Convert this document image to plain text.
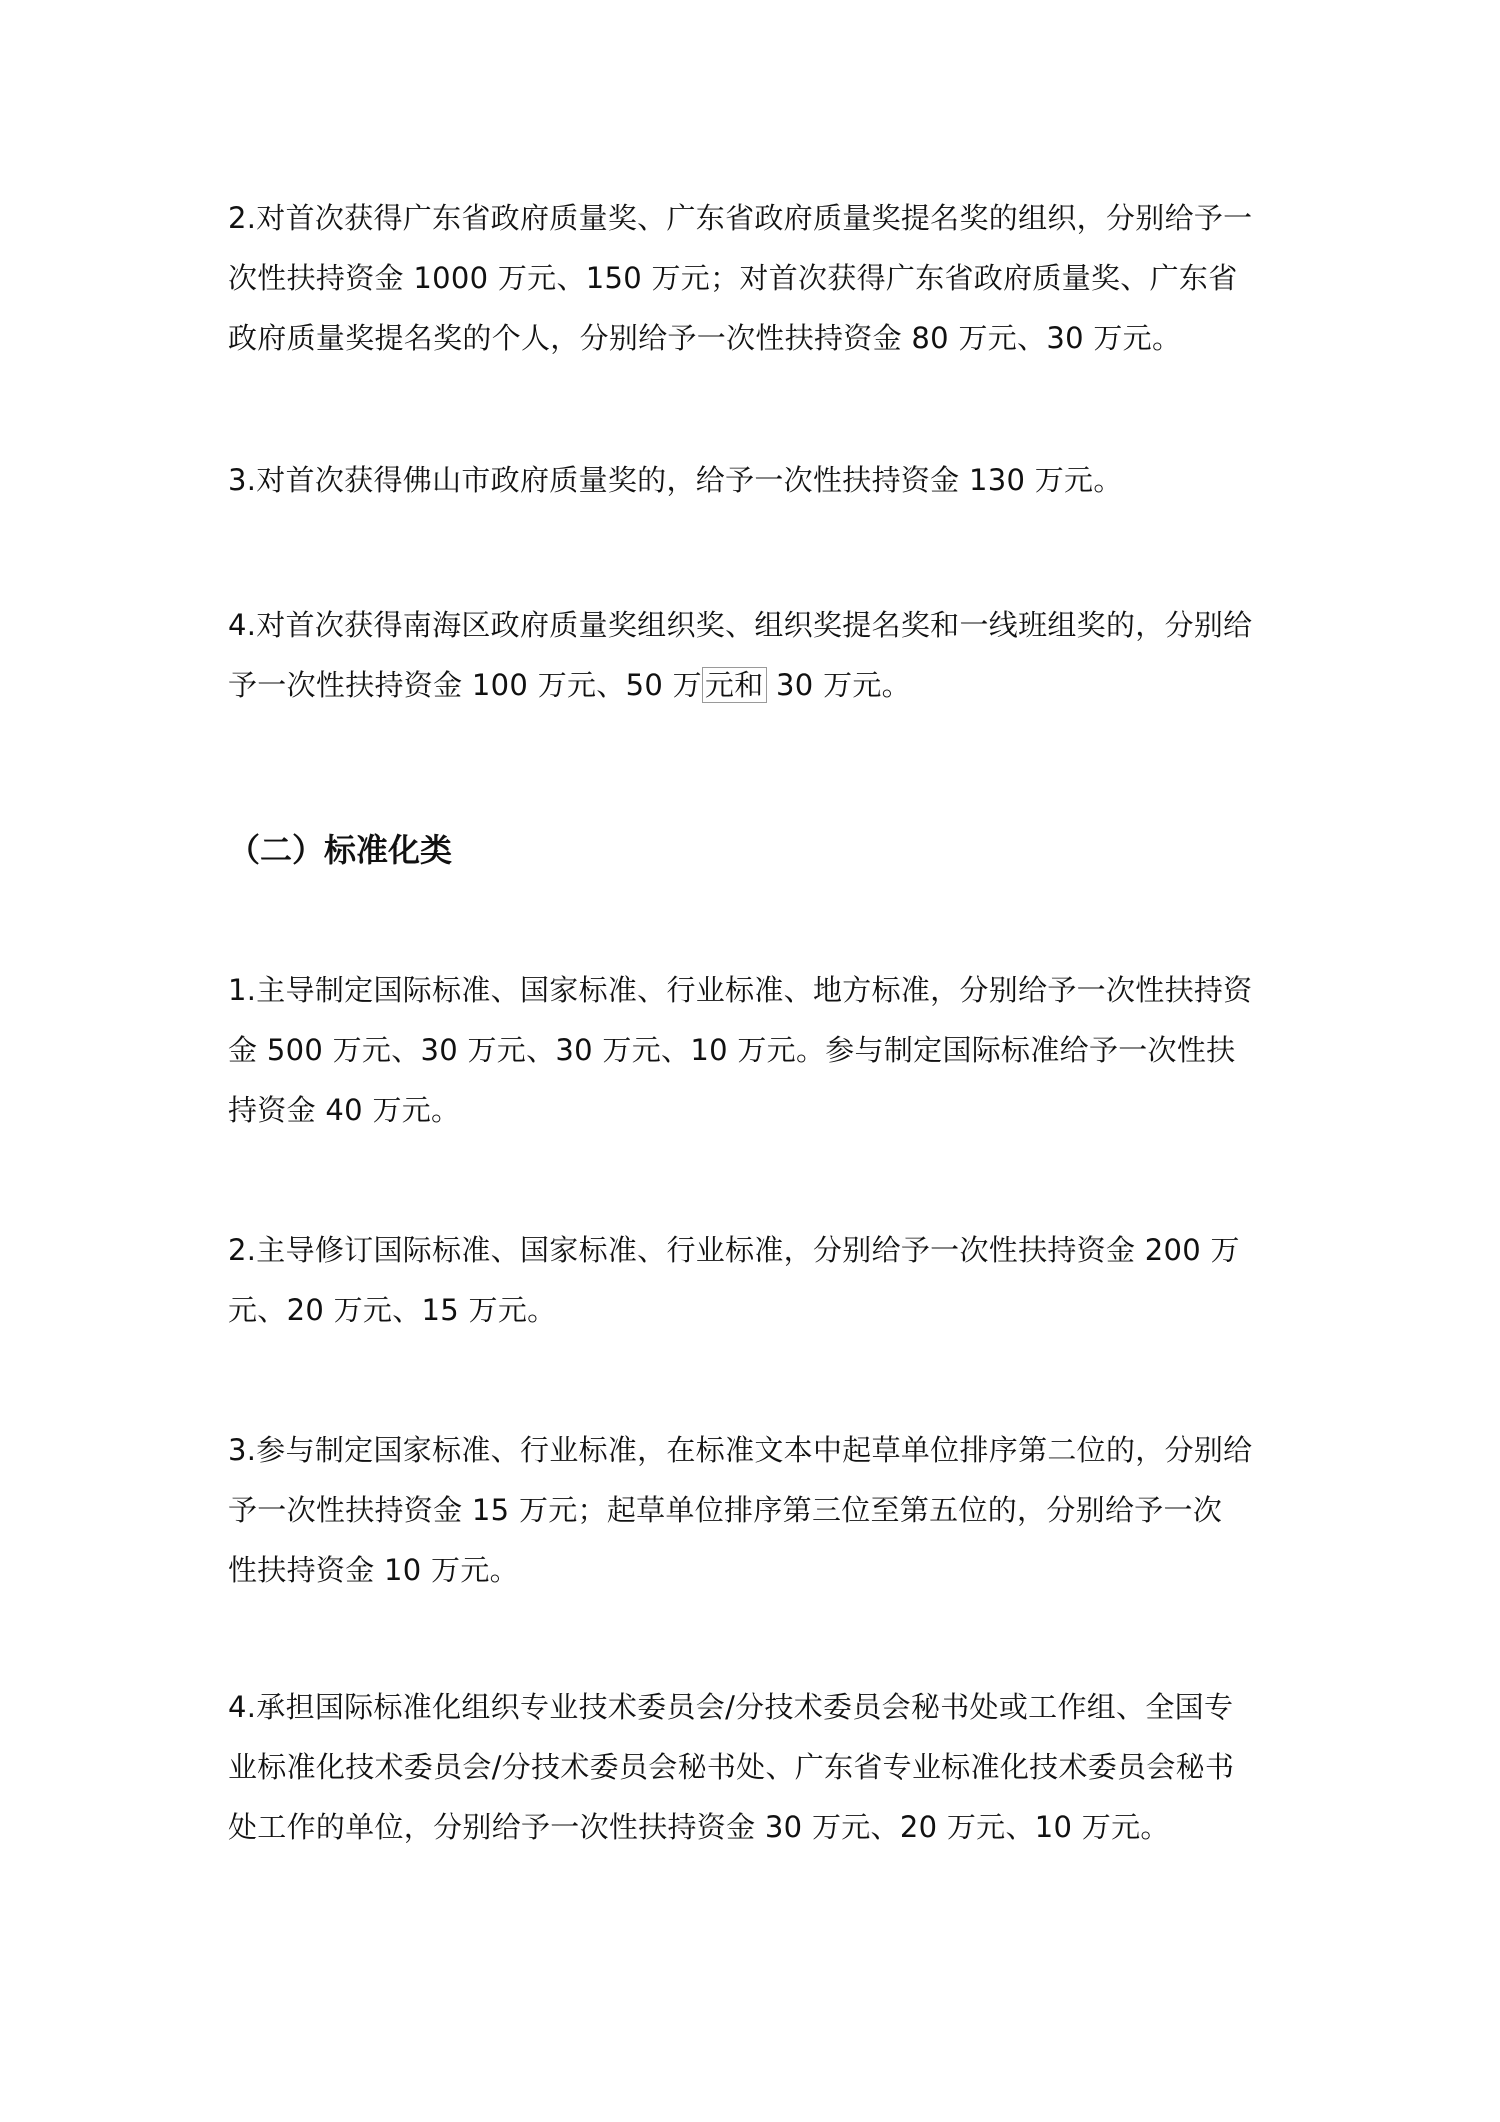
2.对首次获得广东省政府质量奖、广东省政府质量奖提名奖的组织，分别给予一
次性扶持资金 1000 万元、150 万元；对首次获得广东省政府质量奖、广东省
政府质量奖提名奖的个人，分别给予一次性扶持资金 80 万元、30 万元。
3.对首次获得佛山市政府质量奖的，给予一次性扶持资金 130 万元。
4.对首次获得南海区政府质量奖组织奖、组织奖提名奖和一线班组奖的，分别给
予一次性扶持资金 100 万元、50 万 元和 30 万元。
（二）标准化类
1.主导制定国际标准、国家标准、行业标准、地方标准，分别给予一次性扶持资
金 500 万元、30 万元、30 万元、10 万元。参与制定国际标准给予一次性扶
持资金 40 万元。
2.主导修订国际标准、国家标准、行业标准，分别给予一次性扶持资金 200 万
元、20 万元、15 万元。
3.参与制定国家标准、行业标准，在标准文本中起草单位排序第二位的，分别给
予一次性扶持资金 15 万元；起草单位排序第三位至第五位的，分别给予一次
性扶持资金 10 万元。
4.承担国际标准化组织专业技术委员会/分技术委员会秘书处或工作组、全国专
业标准化技术委员会/分技术委员会秘书处、广东省专业标准化技术委员会秘书
处工作的单位，分别给予一次性扶持资金 30 万元、20 万元、10 万元。
